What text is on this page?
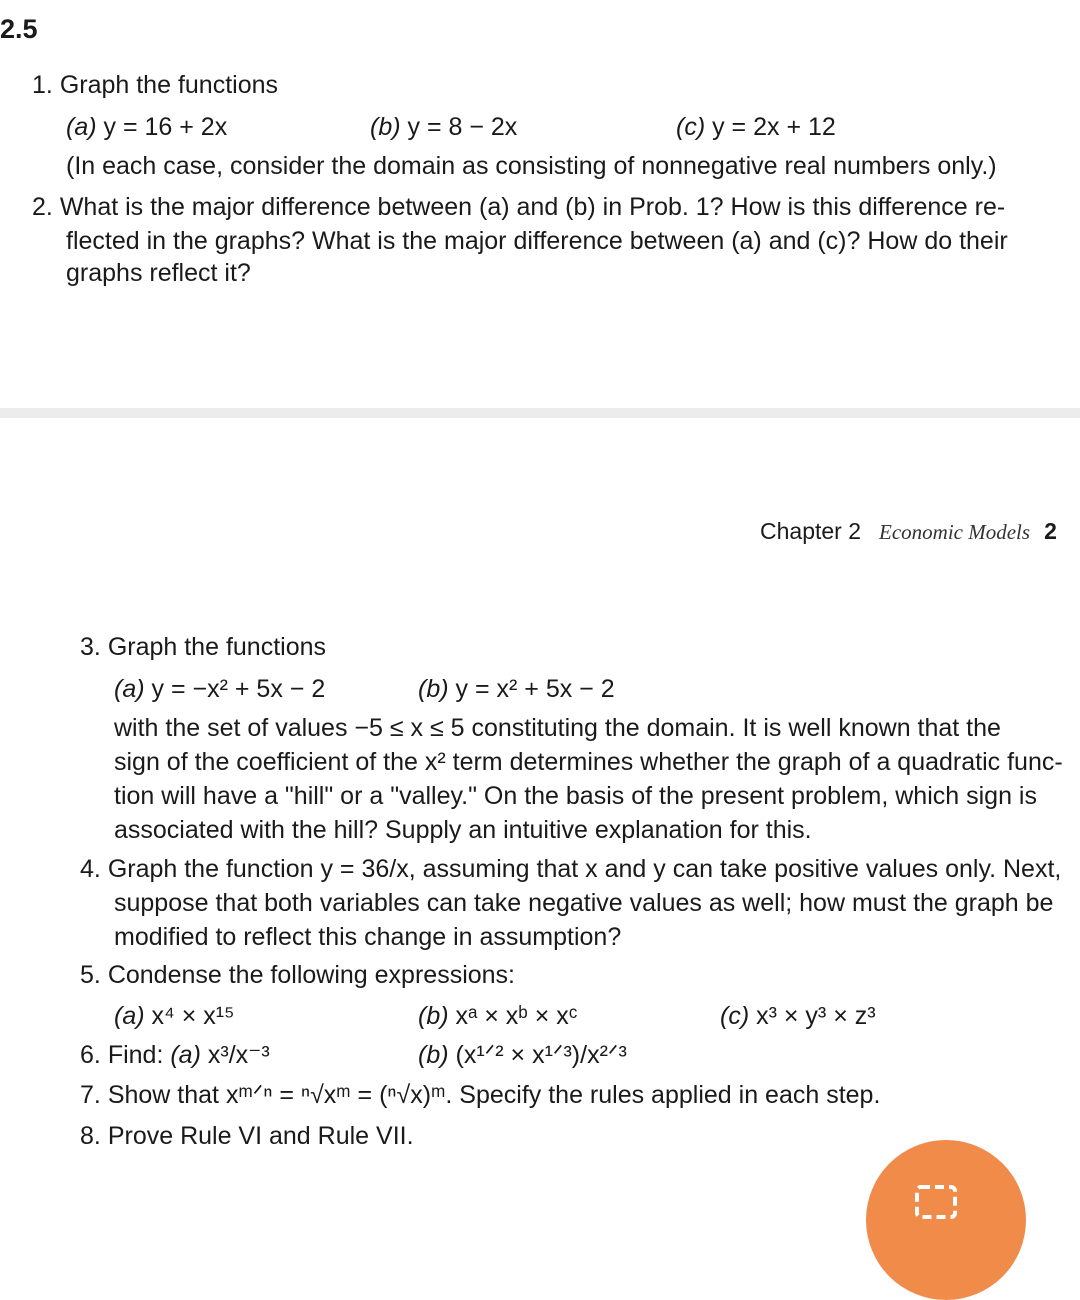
2.5
1. Graph the functions
(a) y = 16 + 2x	(b) y = 8 − 2x	(c) y = 2x + 12
(In each case, consider the domain as consisting of nonnegative real numbers only.)
2. What is the major difference between (a) and (b) in Prob. 1? How is this difference re-
flected in the graphs? What is the major difference between (a) and (c)? How do their
graphs reflect it?
Chapter 2 Economic Models 2
3. Graph the functions
(a) y = −x² + 5x − 2	(b) y = x² + 5x − 2
with the set of values −5 ≤ x ≤ 5 constituting the domain. It is well known that the
sign of the coefficient of the x² term determines whether the graph of a quadratic func-
tion will have a "hill" or a "valley." On the basis of the present problem, which sign is
associated with the hill? Supply an intuitive explanation for this.
4. Graph the function y = 36/x, assuming that x and y can take positive values only. Next,
suppose that both variables can take negative values as well; how must the graph be
modified to reflect this change in assumption?
5. Condense the following expressions:
(a) x⁴ × x¹⁵	(b) xᵃ × xᵇ × xᶜ	(c) x³ × y³ × z³
6. Find: (a) x³/x⁻³	(b) (x¹ᐟ² × x¹ᐟ³)/x²ᐟ³
7. Show that xᵐᐟⁿ = ⁿ√xᵐ = (ⁿ√x)ᵐ. Specify the rules applied in each step.
8. Prove Rule VI and Rule VII.
